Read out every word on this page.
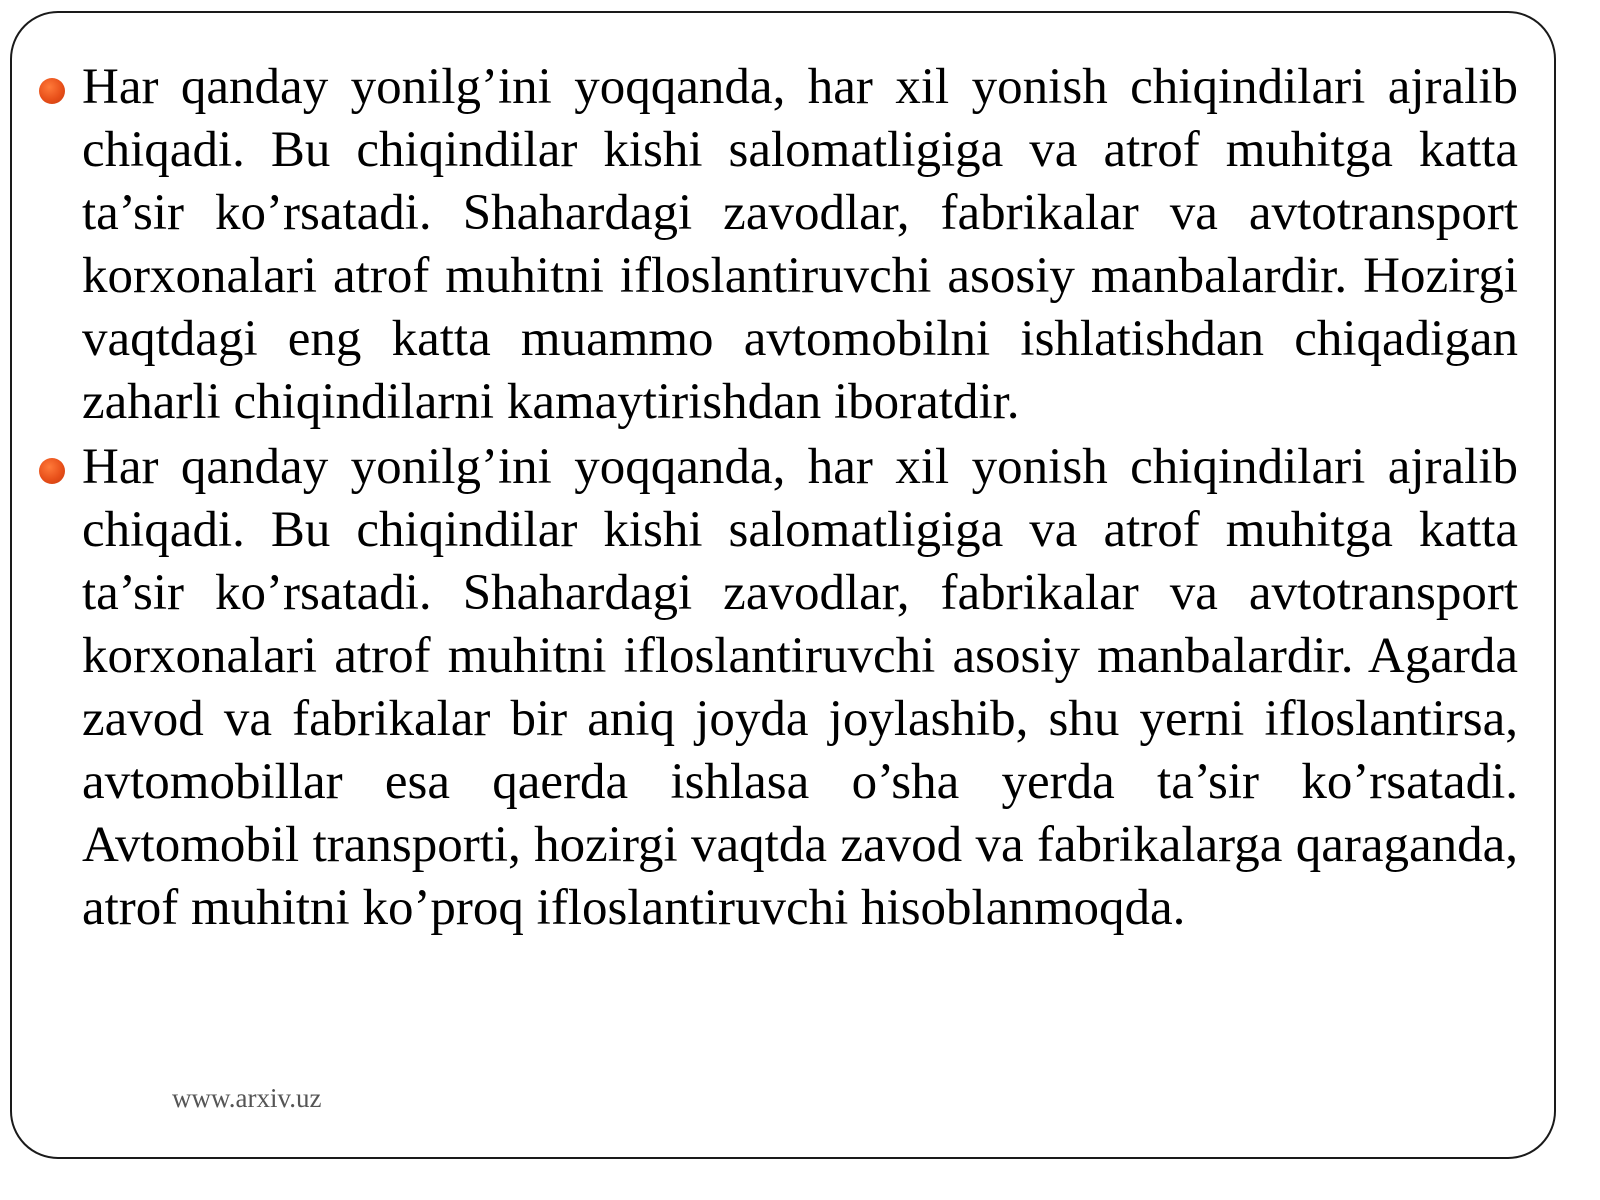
Har qanday yonilg’ini yoqqanda, har xil yonish chiqindilari ajralib chiqadi. Bu chiqindilar kishi salomatligiga va atrof muhitga katta ta’sir ko’rsatadi. Shahardagi zavodlar, fabrikalar va avtotransport korxonalari atrof muhitni ifloslantiruvchi asosiy manbalardir. Hozirgi vaqtdagi eng katta muammo avtomobilni ishlatishdan chiqadigan zaharli chiqindilarni kamaytirishdan iboratdir.

Har qanday yonilg’ini yoqqanda, har xil yonish chiqindilari ajralib chiqadi. Bu chiqindilar kishi salomatligiga va atrof muhitga katta ta’sir ko’rsatadi. Shahardagi zavodlar, fabrikalar va avtotransport korxonalari atrof muhitni ifloslantiruvchi asosiy manbalardir. Agarda zavod va fabrikalar bir aniq joyda joylashib, shu yerni ifloslantirsa, avtomobillar esa qaerda ishlasa o’sha yerda ta’sir ko’rsatadi. Avtomobil transporti, hozirgi vaqtda zavod va fabrikalarga qaraganda, atrof muhitni ko’proq ifloslantiruvchi hisoblanmoqda.

www.arxiv.uz
